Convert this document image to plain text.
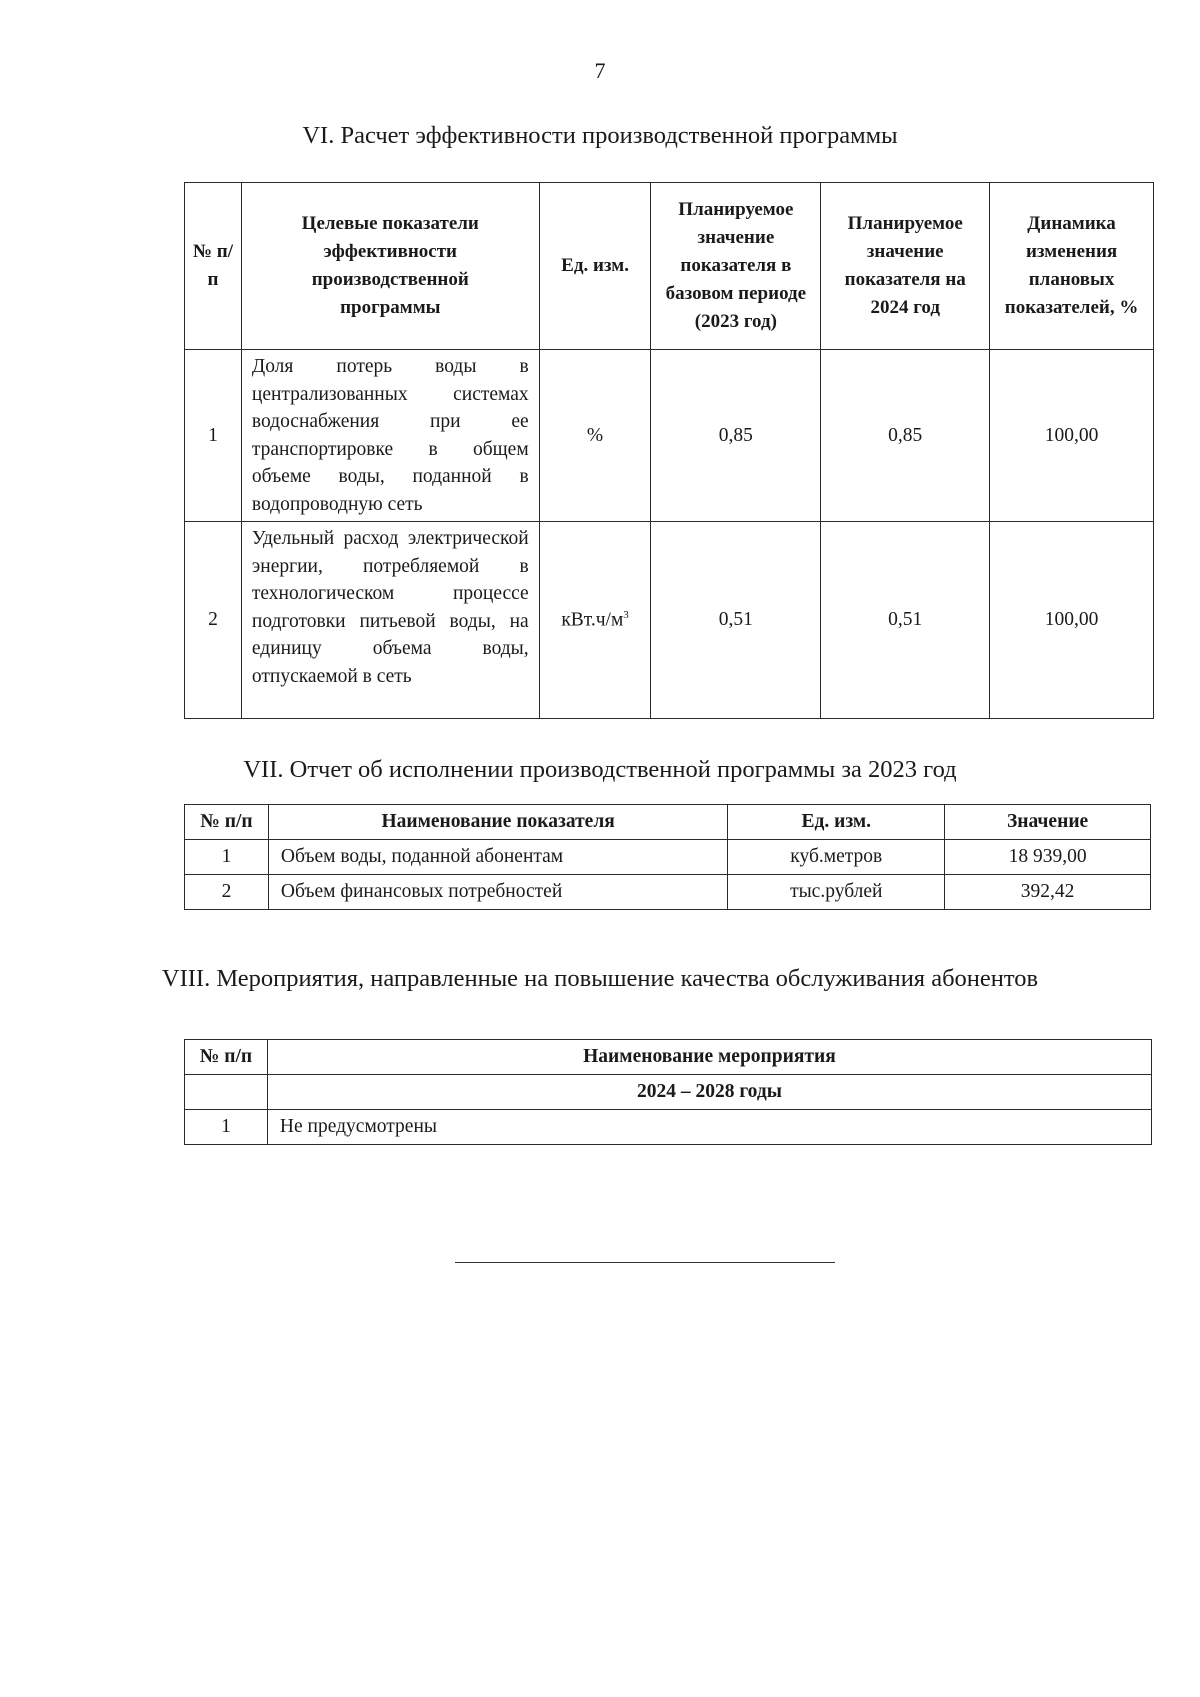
7
VI. Расчет эффективности производственной программы
№ п/п	Целевые показатели эффективности производственной программы	Ед. изм.	Планируемое значение показателя в базовом периоде (2023 год)	Планируемое значение показателя на 2024 год	Динамика изменения плановых показателей, %
1	Доля потерь воды в централизованных системах водоснабжения при ее транспортировке в общем объеме воды, поданной в водопроводную сеть	%	0,85	0,85	100,00
2	Удельный расход электрической энергии, потребляемой в технологическом процессе подготовки питьевой воды, на единицу объема воды, отпускаемой в сеть	$кВт.ч/м^3$	0,51	0,51	100,00
VII. Отчет об исполнении производственной программы за 2023 год
№ п/п	Наименование показателя	Ед. изм.	Значение
1	Объем воды, поданной абонентам	куб.метров	18 939,00
2	Объем финансовых потребностей	тыс.рублей	392,42
VIII. Мероприятия, направленные на повышение качества обслуживания абонентов
№ п/п	Наименование мероприятия
	2024 – 2028 годы
1	Не предусмотрены
